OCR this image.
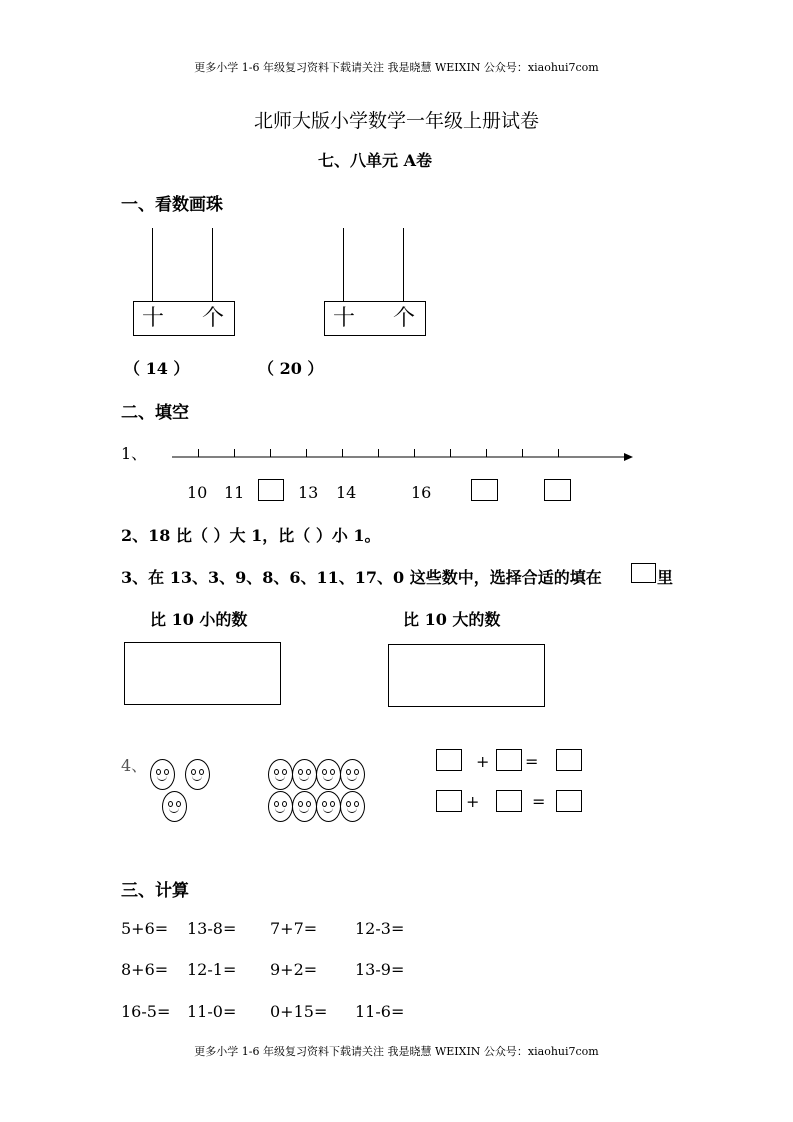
更多小学 1-6 年级复习资料下载请关注 我是晓慧 WEIXIN 公众号：xiaohui7com
北师大版小学数学一年级上册试卷
七、八单元 A卷
一、看数画珠
十 个
（ 14 ）
十 个
（ 20 ）
二、填空
1、
10 11	13 14	16
2、18 比（ ）大 1，比（ ）小 1。
3、在 13、3、9、8、6、11、17、0 这些数中，选择合适的填在	里
比 10 小的数	比 10 大的数
4、	+ =
+	=
三、计算
5+6= 13-8= 7+7= 12-3=
8+6= 12-1= 9+2= 13-9=
16-5= 11-0= 0+15= 11-6=
更多小学 1-6 年级复习资料下载请关注 我是晓慧 WEIXIN 公众号：xiaohui7com
